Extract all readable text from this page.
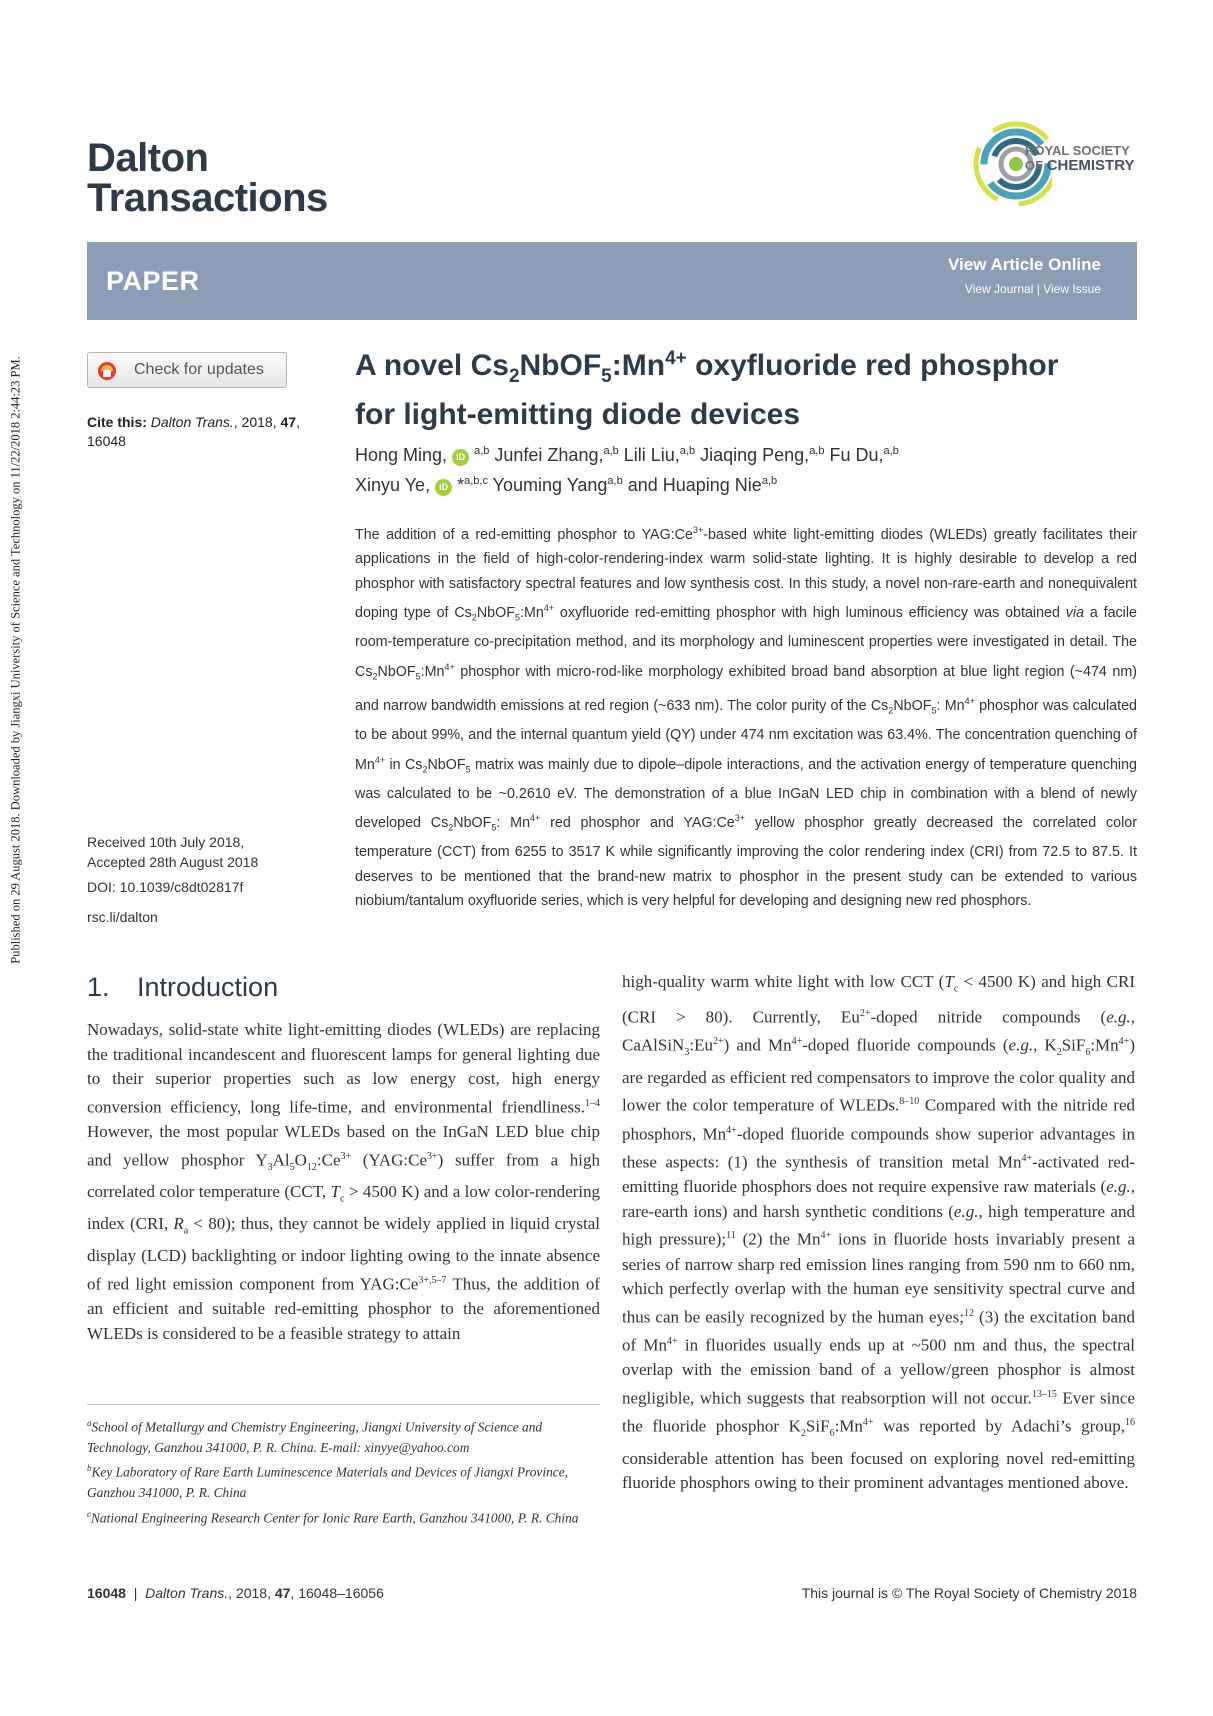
Published on 29 August 2018. Downloaded by Jiangxi University of Science and Technology on 11/22/2018 2:44:23 PM.
Dalton
Transactions
ROYAL SOCIETY
OF CHEMISTRY
PAPER
View Article Online
View Journal | View Issue
Check for updates
Cite this: Dalton Trans., 2018, 47,
16048
A novel $Cs_2NbOF_5:Mn^{4+}$ oxyfluoride red phosphor
for light-emitting diode devices
Hong Ming, iD $^{a,b}$ Junfei Zhang,$^{a,b}$ Lili Liu,$^{a,b}$ Jiaqing Peng,$^{a,b}$ Fu Du,$^{a,b}$
Xinyu Ye, iD *$^{a,b,c}$ Youming Yang$^{a,b}$ and Huaping Nie$^{a,b}$
The addition of a red-emitting phosphor to $YAG:Ce^{3+}$-based white light-emitting diodes (WLEDs) greatly facilitates their applications in the field of high-color-rendering-index warm solid-state lighting. It is highly desirable to develop a red phosphor with satisfactory spectral features and low synthesis cost. In this study, a novel non-rare-earth and nonequivalent doping type of $Cs_2NbOF_5:Mn^{4+}$ oxyfluoride red-emitting phosphor with high luminous efficiency was obtained via a facile room-temperature co-precipitation method, and its morphology and luminescent properties were investigated in detail. The $Cs_2NbOF_5:Mn^{4+}$ phosphor with micro-rod-like morphology exhibited broad band absorption at blue light region (~474 nm) and narrow bandwidth emissions at red region (~633 nm). The color purity of the $Cs_2NbOF_5$: $Mn^{4+}$ phosphor was calculated to be about 99%, and the internal quantum yield (QY) under 474 nm excitation was 63.4%. The concentration quenching of $Mn^{4+}$ in $Cs_2NbOF_5$ matrix was mainly due to dipole–dipole interactions, and the activation energy of temperature quenching was calculated to be ~0.2610 eV. The demonstration of a blue InGaN LED chip in combination with a blend of newly developed $Cs_2NbOF_5$: $Mn^{4+}$ red phosphor and $YAG:Ce^{3+}$ yellow phosphor greatly decreased the correlated color temperature (CCT) from 6255 to 3517 K while significantly improving the color rendering index (CRI) from 72.5 to 87.5. It deserves to be mentioned that the brand-new matrix to phosphor in the present study can be extended to various niobium/tantalum oxyfluoride series, which is very helpful for developing and designing new red phosphors.
Received 10th July 2018,
Accepted 28th August 2018
DOI: 10.1039/c8dt02817f
rsc.li/dalton
1. Introduction
Nowadays, solid-state white light-emitting diodes (WLEDs) are replacing the traditional incandescent and fluorescent lamps for general lighting due to their superior properties such as low energy cost, high energy conversion efficiency, long life-time, and environmental friendliness.$^{1-4}$ However, the most popular WLEDs based on the InGaN LED blue chip and yellow phosphor $Y_3Al_5O_{12}:Ce^{3+}$ $(YAG:Ce^{3+})$ suffer from a high correlated color temperature (CCT, $T_c > 4500$ K) and a low color-rendering index (CRI, $R_a < 80$); thus, they cannot be widely applied in liquid crystal display (LCD) backlighting or indoor lighting owing to the innate absence of red light emission component from $YAG:Ce^{3+,5-7}$ Thus, the addition of an efficient and suitable red-emitting phosphor to the aforementioned WLEDs is considered to be a feasible strategy to attain
high-quality warm white light with low CCT ($T_c < 4500$ K) and high CRI (CRI > 80). Currently, $Eu^{2+}$-doped nitride compounds (e.g., $CaAlSiN_3:Eu^{2+}$) and $Mn^{4+}$-doped fluoride compounds (e.g., $K_2SiF_6:Mn^{4+}$) are regarded as efficient red compensators to improve the color quality and lower the color temperature of WLEDs.$^{8-10}$ Compared with the nitride red phosphors, $Mn^{4+}$-doped fluoride compounds show superior advantages in these aspects: (1) the synthesis of transition metal $Mn^{4+}$-activated red-emitting fluoride phosphors does not require expensive raw materials (e.g., rare-earth ions) and harsh synthetic conditions (e.g., high temperature and high pressure);$^{11}$ (2) the $Mn^{4+}$ ions in fluoride hosts invariably present a series of narrow sharp red emission lines ranging from 590 nm to 660 nm, which perfectly overlap with the human eye sensitivity spectral curve and thus can be easily recognized by the human eyes;$^{12}$ (3) the excitation band of $Mn^{4+}$ in fluorides usually ends up at ~500 nm and thus, the spectral overlap with the emission band of a yellow/green phosphor is almost negligible, which suggests that reabsorption will not occur.$^{13-15}$ Ever since the fluoride phosphor $K_2SiF_6:Mn^{4+}$ was reported by Adachi’s group,$^{16}$ considerable attention has been focused on exploring novel red-emitting fluoride phosphors owing to their prominent advantages mentioned above.
$^a$School of Metallurgy and Chemistry Engineering, Jiangxi University of Science and Technology, Ganzhou 341000, P. R. China. E-mail: xinyye@yahoo.com
$^b$Key Laboratory of Rare Earth Luminescence Materials and Devices of Jiangxi Province, Ganzhou 341000, P. R. China
$^c$National Engineering Research Center for Ionic Rare Earth, Ganzhou 341000, P. R. China
16048  |  Dalton Trans., 2018, 47, 16048–16056	This journal is © The Royal Society of Chemistry 2018
